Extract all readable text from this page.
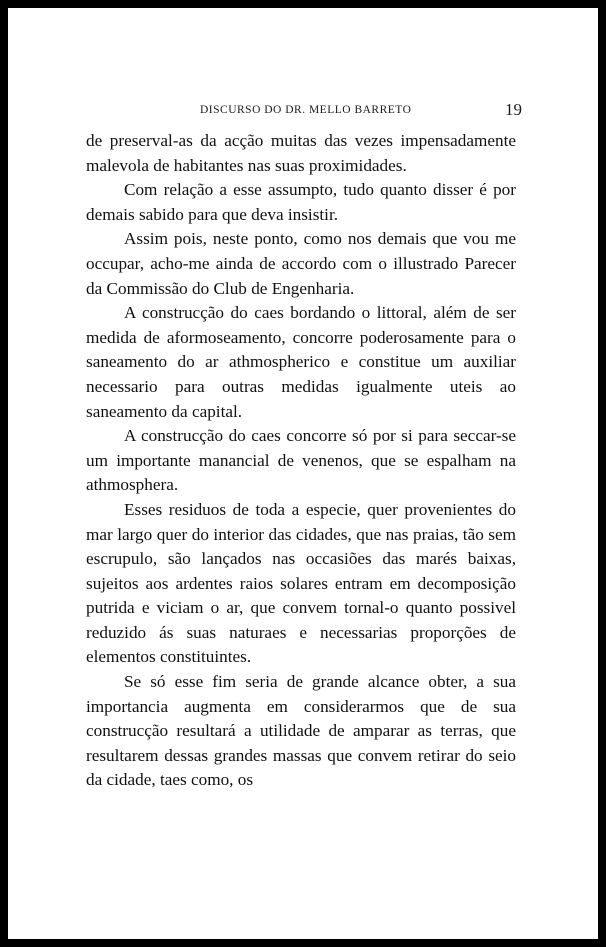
DISCURSO DO DR. MELLO BARRETO	19

de preserval-as da acção muitas das vezes impensadamente malevola de habitantes nas suas proximidades.

Com relação a esse assumpto, tudo quanto disser é por demais sabido para que deva insistir.

Assim pois, neste ponto, como nos demais que vou me occupar, acho-me ainda de accordo com o illustrado Parecer da Commissão do Club de Engenharia.

A construcção do caes bordando o littoral, além de ser medida de aformoseamento, concorre poderosamente para o saneamento do ar athmospherico e constitue um auxiliar necessario para outras medidas igualmente uteis ao saneamento da capital.

A construcção do caes concorre só por si para seccar-se um importante manancial de venenos, que se espalham na athmosphera.

Esses residuos de toda a especie, quer provenientes do mar largo quer do interior das cidades, que nas praias, tão sem escrupulo, são lançados nas occasiões das marés baixas, sujeitos aos ardentes raios solares entram em decomposição putrida e viciam o ar, que convem tornal-o quanto possivel reduzido ás suas naturaes e necessarias proporções de elementos constituintes.

Se só esse fim seria de grande alcance obter, a sua importancia augmenta em considerarmos que de sua construcção resultará a utilidade de amparar as terras, que resultarem dessas grandes massas que convem retirar do seio da cidade, taes como, os
